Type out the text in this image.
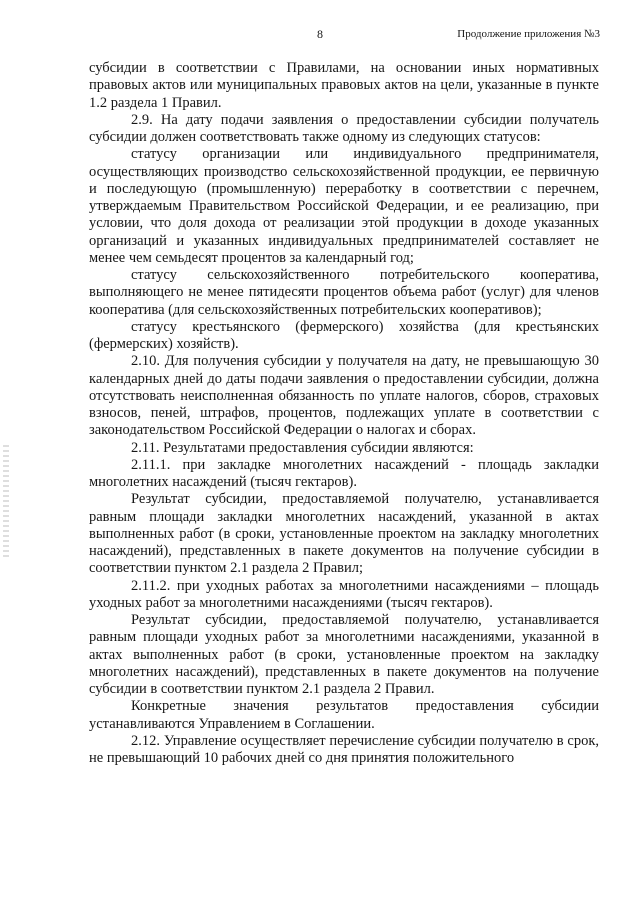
8	Продолжение приложения №3

субсидии в соответствии с Правилами, на основании иных нормативных правовых актов или муниципальных правовых актов на цели, указанные в пункте 1.2 раздела 1 Правил.

2.9. На дату подачи заявления о предоставлении субсидии получатель субсидии должен соответствовать также одному из следующих статусов:

статусу организации или индивидуального предпринимателя, осуществляющих производство сельскохозяйственной продукции, ее первичную и последующую (промышленную) переработку в соответствии с перечнем, утверждаемым Правительством Российской Федерации, и ее реализацию, при условии, что доля дохода от реализации этой продукции в доходе указанных организаций и указанных индивидуальных предпринимателей составляет не менее чем семьдесят процентов за календарный год;

статусу сельскохозяйственного потребительского кооператива, выполняющего не менее пятидесяти процентов объема работ (услуг) для членов кооператива (для сельскохозяйственных потребительских кооперативов);

статусу крестьянского (фермерского) хозяйства (для крестьянских (фермерских) хозяйств).

2.10. Для получения субсидии у получателя на дату, не превышающую 30 календарных дней до даты подачи заявления о предоставлении субсидии, должна отсутствовать неисполненная обязанность по уплате налогов, сборов, страховых взносов, пеней, штрафов, процентов, подлежащих уплате в соответствии с законодательством Российской Федерации о налогах и сборах.

2.11. Результатами предоставления субсидии являются:

2.11.1. при закладке многолетних насаждений - площадь закладки многолетних насаждений (тысяч гектаров).

Результат субсидии, предоставляемой получателю, устанавливается равным площади закладки многолетних насаждений, указанной в актах выполненных работ (в сроки, установленные проектом на закладку многолетних насаждений), представленных в пакете документов на получение субсидии в соответствии пунктом 2.1 раздела 2 Правил;

2.11.2. при уходных работах за многолетними насаждениями – площадь уходных работ за многолетними насаждениями (тысяч гектаров).

Результат субсидии, предоставляемой получателю, устанавливается равным площади уходных работ за многолетними насаждениями, указанной в актах выполненных работ (в сроки, установленные проектом на закладку многолетних насаждений), представленных в пакете документов на получение субсидии в соответствии пунктом 2.1 раздела 2 Правил.

Конкретные значения результатов предоставления субсидии устанавливаются Управлением в Соглашении.

2.12. Управление осуществляет перечисление субсидии получателю в срок, не превышающий 10 рабочих дней со дня принятия положительного
